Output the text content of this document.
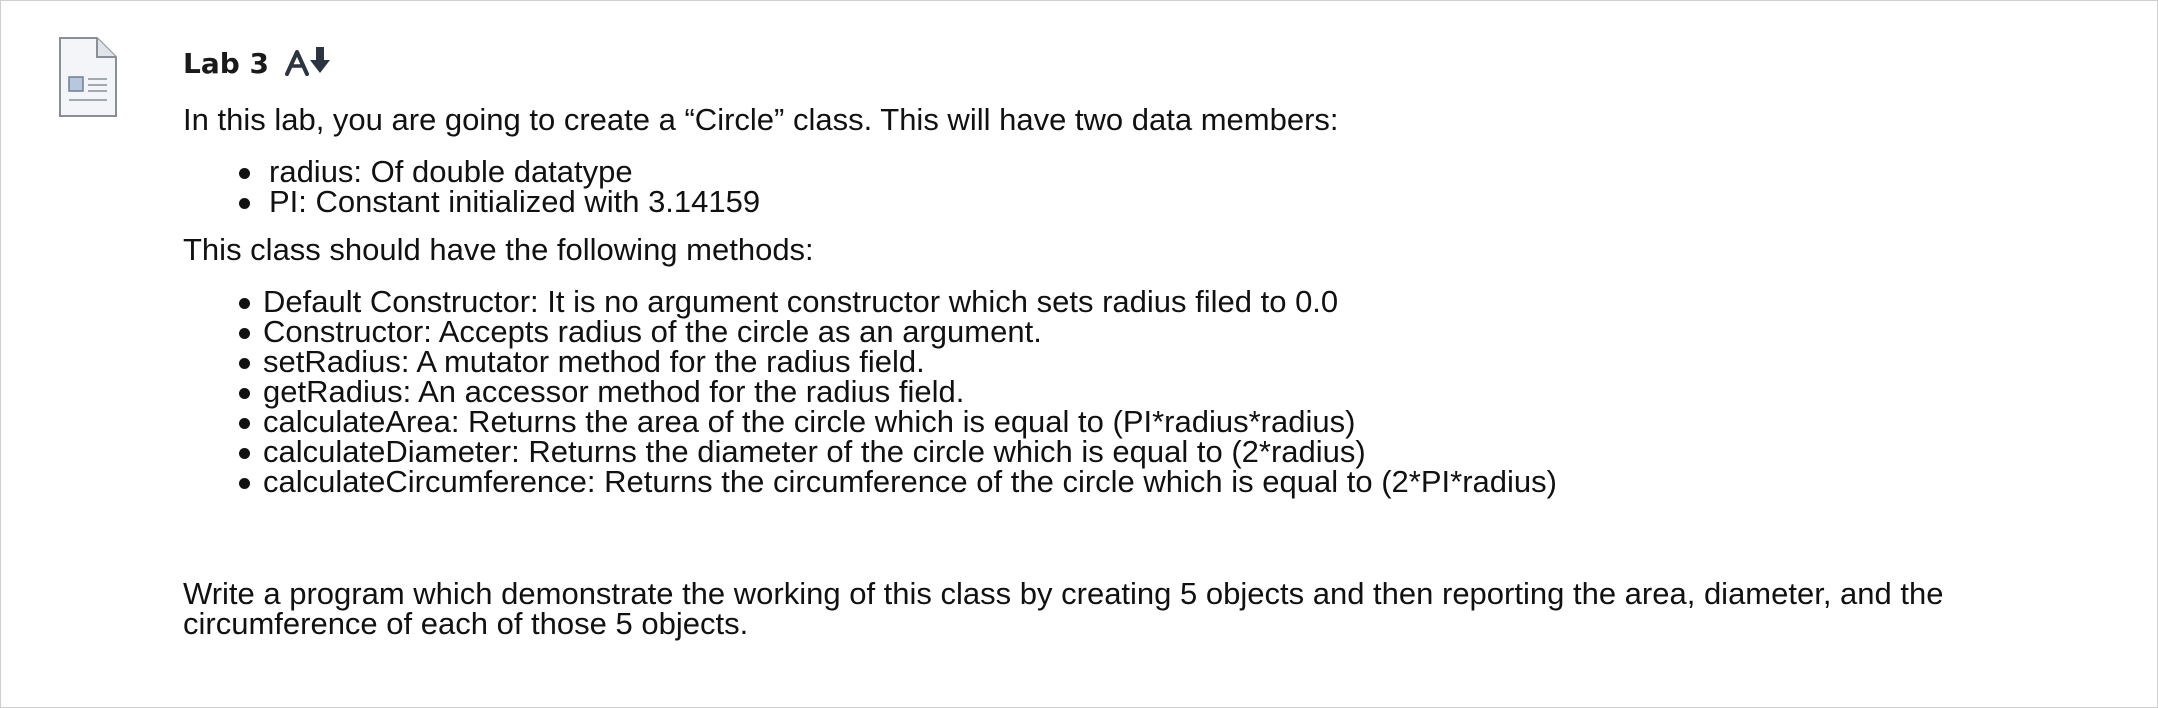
Lab 3

In this lab, you are going to create a “Circle” class. This will have two data members:

radius: Of double datatype
PI: Constant initialized with 3.14159

This class should have the following methods:

Default Constructor: It is no argument constructor which sets radius filed to 0.0
Constructor: Accepts radius of the circle as an argument.
setRadius: A mutator method for the radius field.
getRadius: An accessor method for the radius field.
calculateArea: Returns the area of the circle which is equal to (PI*radius*radius)
calculateDiameter: Returns the diameter of the circle which is equal to (2*radius)
calculateCircumference: Returns the circumference of the circle which is equal to (2*PI*radius)

Write a program which demonstrate the working of this class by creating 5 objects and then reporting the area, diameter, and the circumference of each of those 5 objects.
